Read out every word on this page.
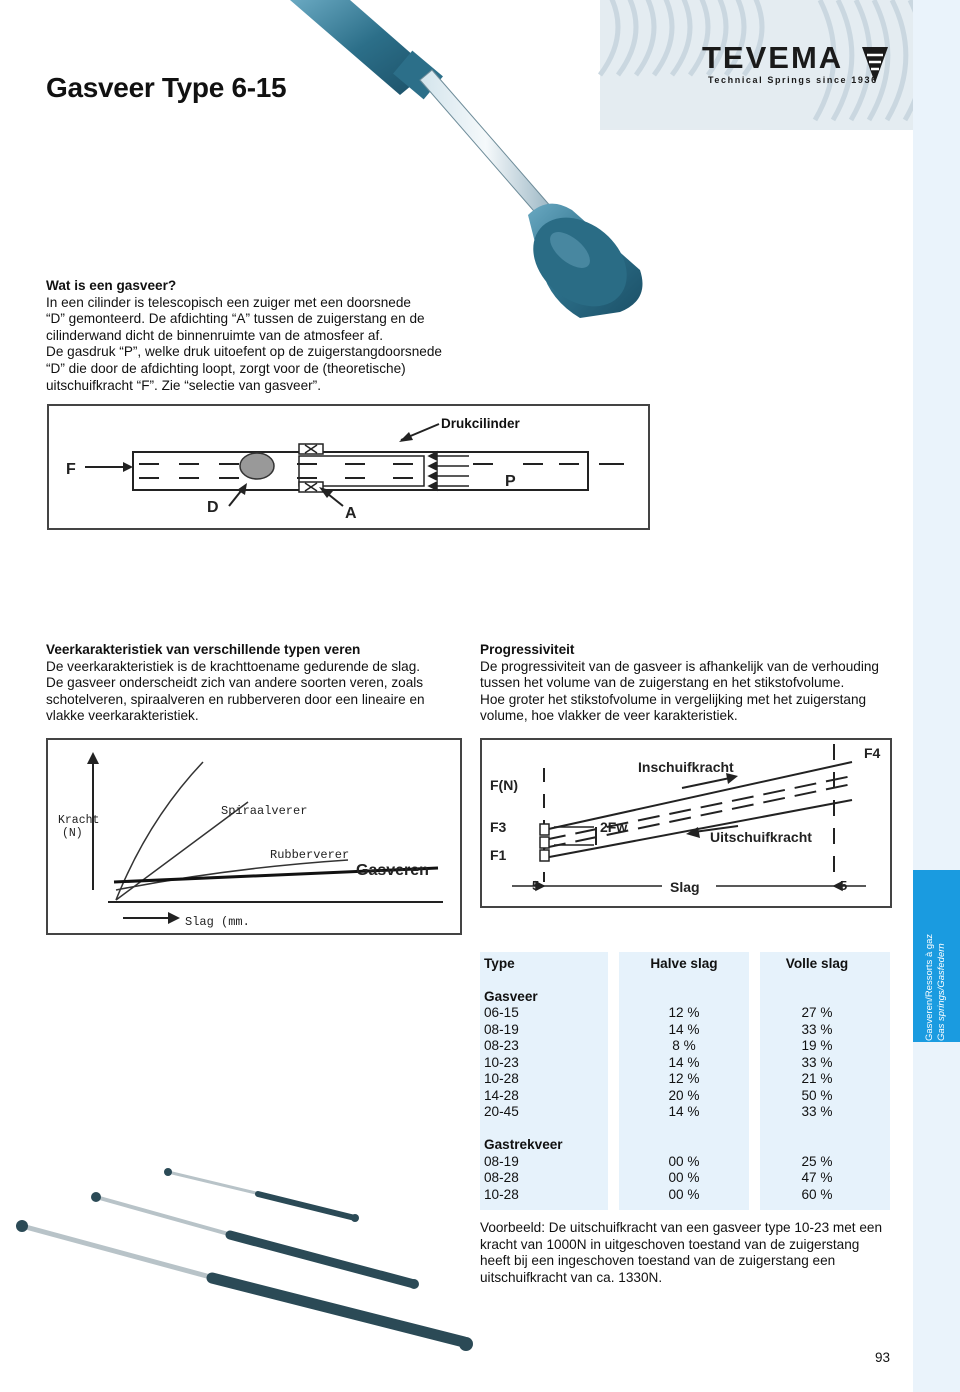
Gasveren/Ressorts à gaz Gas springs/Gasfedern
Gasveer Type 6-15
TEVEMA
Technical Springs since 1936
Wat is een gasveer?
In een cilinder is telescopisch een zuiger met een doorsnede
“D” gemonteerd. De afdichting “A” tussen de zuigerstang en de
cilinderwand dicht de binnenruimte van de atmosfeer af.
De gasdruk “P”, welke druk uitoefent op de zuigerstangdoorsnede
“D” die door de afdichting loopt, zorgt voor de (theoretische)
uitschuifkracht “F”. Zie “selectie van gasveer”.
Drukcilinder
F
P
D	A
Veerkarakteristiek van verschillende typen veren
De veerkarakteristiek is de krachttoename gedurende de slag.
De gasveer onderscheidt zich van andere soorten veren, zoals
schotelveren, spiraalveren en rubberveren door een lineaire en
vlakke veerkarakteristiek.
Progressiviteit
De progressiviteit van de gasveer is afhankelijk van de verhouding
tussen het volume van de zuigerstang en het stikstofvolume.
Hoe groter het stikstofvolume in vergelijking met het zuigerstang
volume, hoe vlakker de veer karakteristiek.
Kracht
(N)
Spiraalverer
Rubberverer
Gasveren
Slag (mm.
F(N)
F4
F3
F1
2Fw
Inschuifkracht
Uitschuifkracht
Slag
5	5
Type	Halve slag	Volle slag
Gasveer
06-15	12 %	27 %
08-19	14 %	33 %
08-23	8 %	19 %
10-23	14 %	33 %
10-28	12 %	21 %
14-28	20 %	50 %
20-45	14 %	33 %
Gastrekveer
08-19	00 %	25 %
08-28	00 %	47 %
10-28	00 %	60 %
Voorbeeld: De uitschuifkracht van een gasveer type 10-23 met een
kracht van 1000N in uitgeschoven toestand van de zuigerstang
heeft bij een ingeschoven toestand van de zuigerstang een
uitschuifkracht van ca. 1330N.
93
